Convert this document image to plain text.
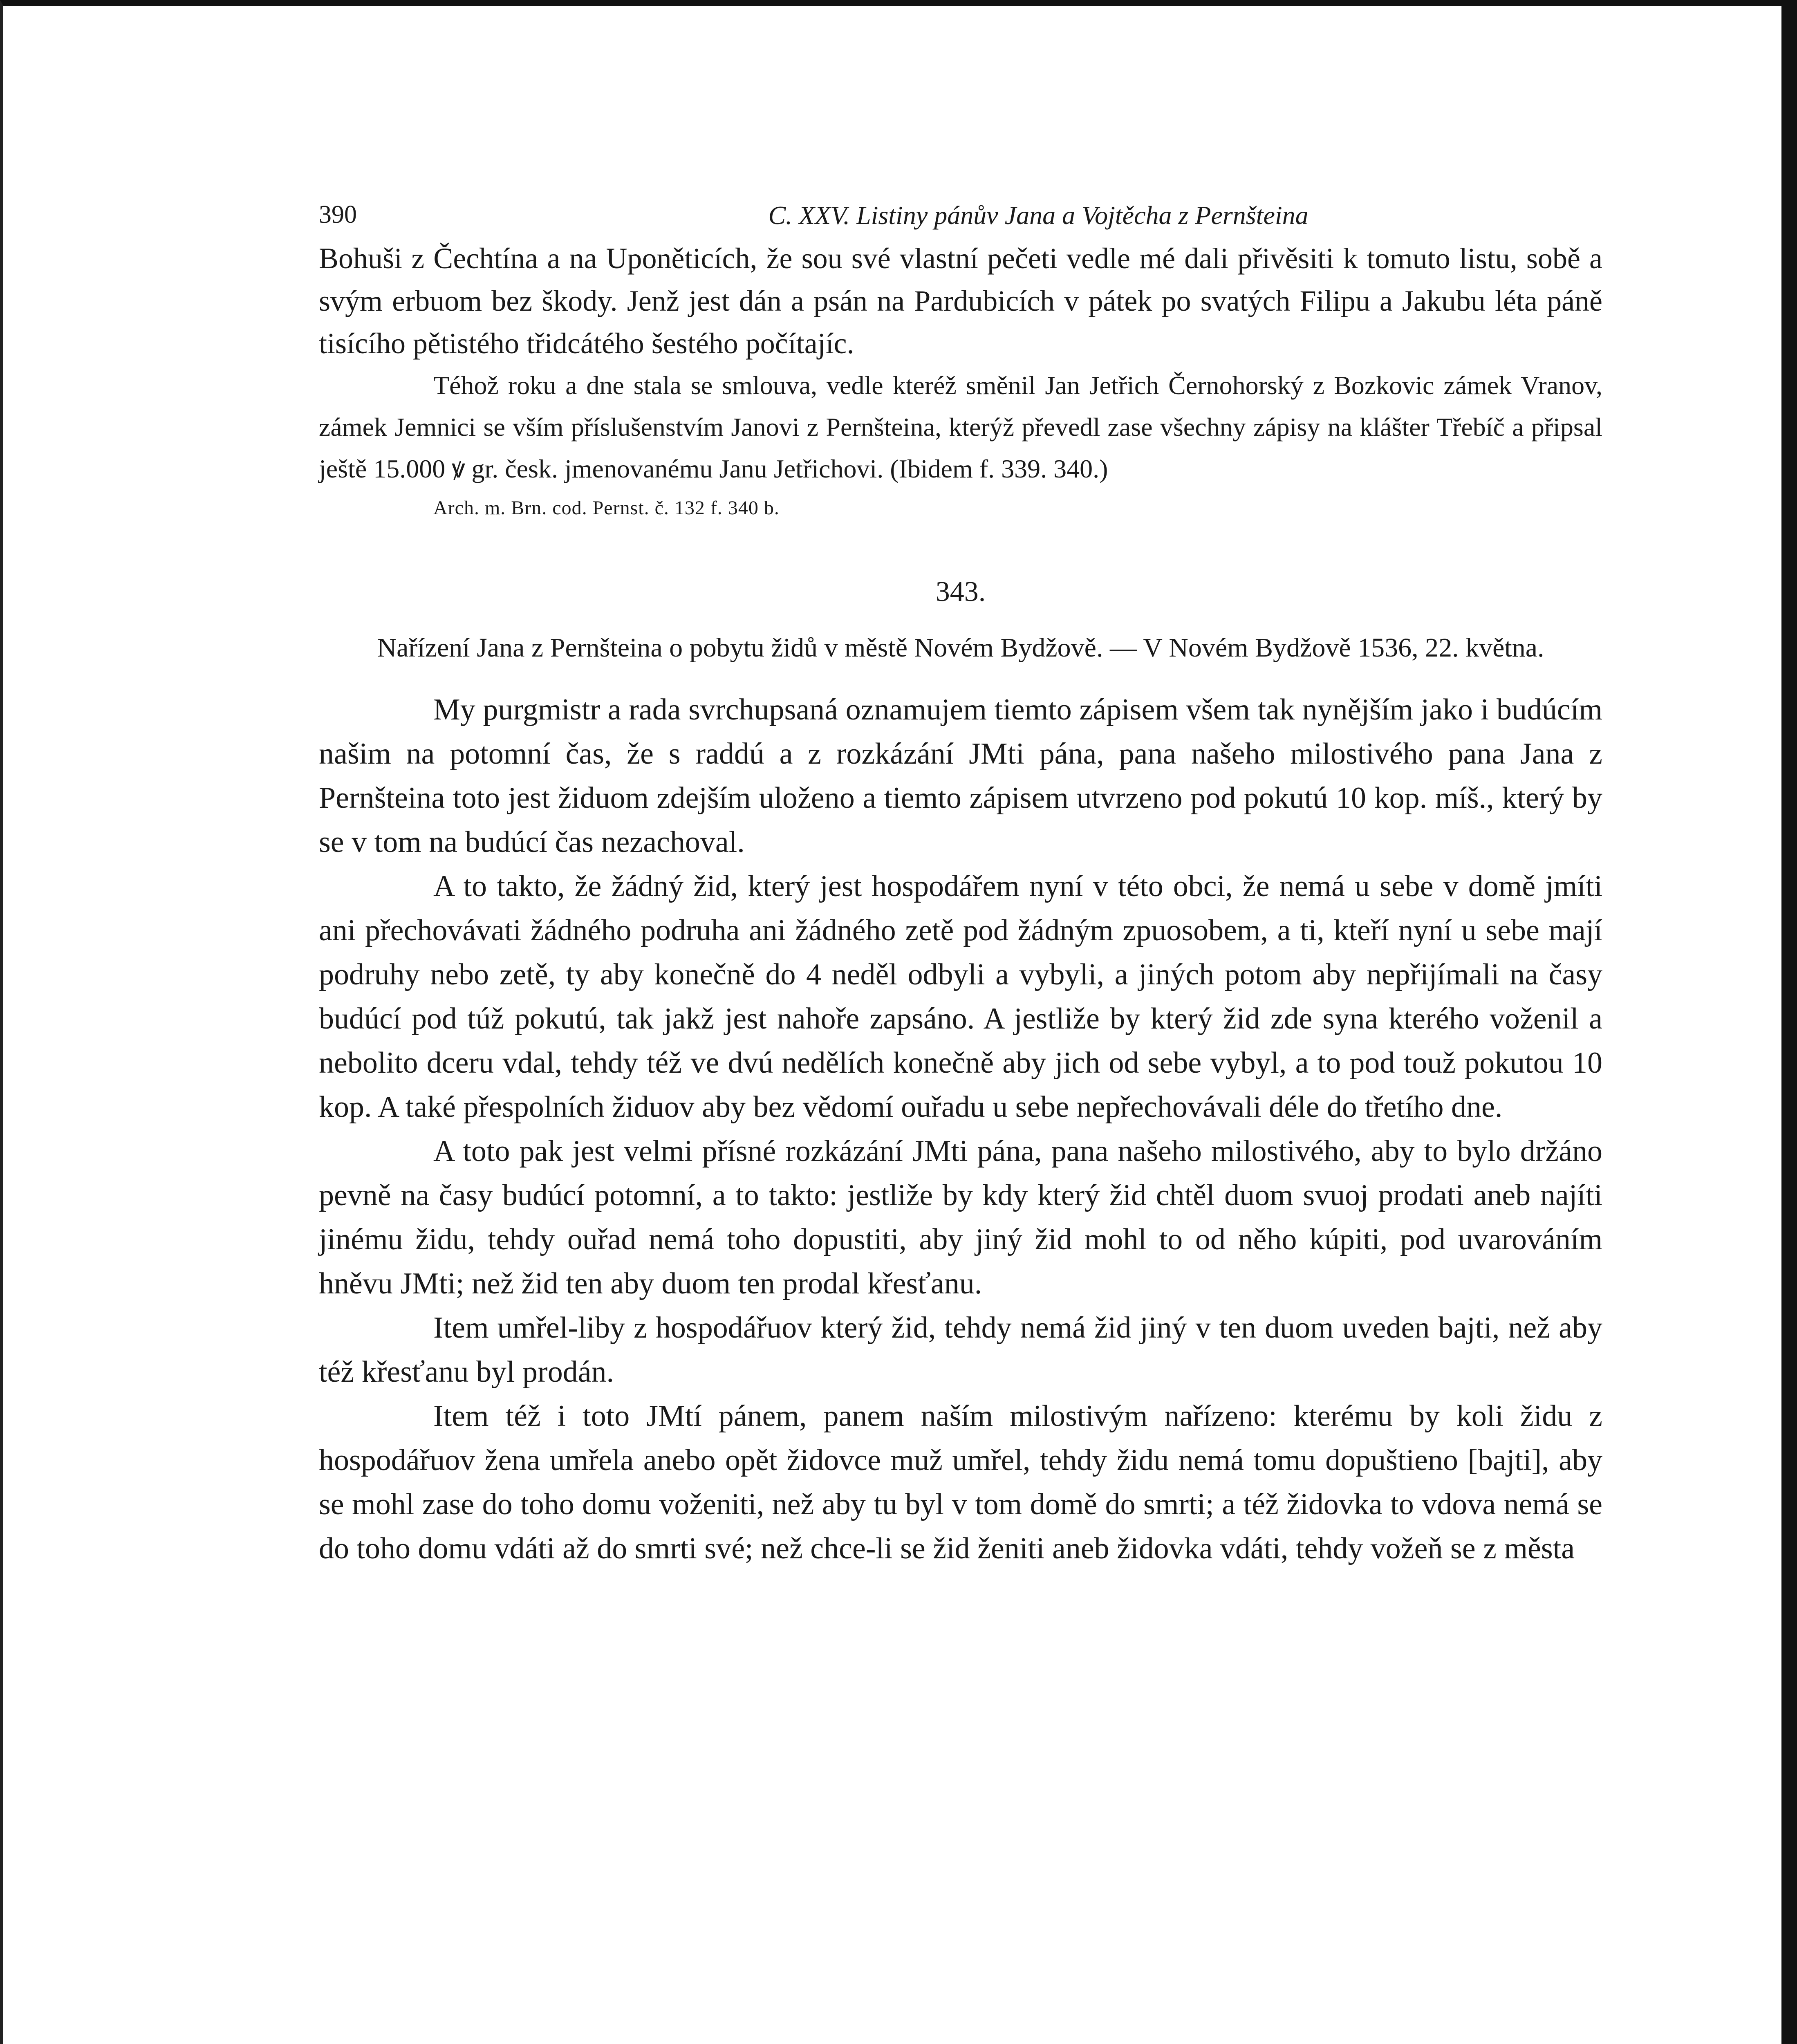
390	C. XXV. Listiny pánův Jana a Vojtěcha z Pernšteina

Bohuši z Čechtína a na Uponěticích, že sou své vlastní pečeti vedle mé dali přivěsiti k tomuto listu, sobě a svým erbuom bez škody. Jenž jest dán a psán na Pardubicích v pátek po svatých Filipu a Jakubu léta páně tisícího pětistého třidcátého šestého počítajíc.

Téhož roku a dne stala se smlouva, vedle kteréž směnil Jan Jetřich Černohorský z Bozkovic zámek Vranov, zámek Jemnici se vším příslušenstvím Janovi z Pernšteina, kterýž převedl zase všechny zápisy na klášter Třebíč a připsal ještě 15.000 ꝟ gr. česk. jmenovanému Janu Jetřichovi. (Ibidem f. 339. 340.)

Arch. m. Brn. cod. Pernst. č. 132 f. 340 b.

343.

Nařízení Jana z Pernšteina o pobytu židů v městě Novém Bydžově. — V Novém Bydžově 1536, 22. května.

My purgmistr a rada svrchupsaná oznamujem tiemto zápisem všem tak nynějším jako i budúcím našim na potomní čas, že s raddú a z rozkázání JMti pána, pana našeho milostivého pana Jana z Pernšteina toto jest židuom zdejším uloženo a tiemto zápisem utvrzeno pod pokutú 10 kop. míš., který by se v tom na budúcí čas nezachoval.

A to takto, že žádný žid, který jest hospodářem nyní v této obci, že nemá u sebe v domě jmíti ani přechovávati žádného podruha ani žádného zetě pod žádným zpuosobem, a ti, kteří nyní u sebe mají podruhy nebo zetě, ty aby konečně do 4 neděl odbyli a vybyli, a jiných potom aby nepřijímali na časy budúcí pod túž pokutú, tak jakž jest nahoře zapsáno. A jestliže by který žid zde syna kterého voženil a nebolito dceru vdal, tehdy též ve dvú nedělích konečně aby jich od sebe vybyl, a to pod touž pokutou 10 kop. A také přespolních židuov aby bez vědomí ouřadu u sebe nepřechovávali déle do třetího dne.

A toto pak jest velmi přísné rozkázání JMti pána, pana našeho milostivého, aby to bylo držáno pevně na časy budúcí potomní, a to takto: jestliže by kdy který žid chtěl duom svuoj prodati aneb najíti jinému židu, tehdy ouřad nemá toho dopustiti, aby jiný žid mohl to od něho kúpiti, pod uvarováním hněvu JMti; než žid ten aby duom ten prodal křesťanu.

Item umřel-liby z hospodářuov který žid, tehdy nemá žid jiný v ten duom uveden bajti, než aby též křesťanu byl prodán.

Item též i toto JMtí pánem, panem naším milostivým nařízeno: kterému by koli židu z hospodářuov žena umřela anebo opět židovce muž umřel, tehdy židu nemá tomu dopuštieno [bajti], aby se mohl zase do toho domu voženiti, než aby tu byl v tom domě do smrti; a též židovka to vdova nemá se do toho domu vdáti až do smrti své; než chce-li se žid ženiti aneb židovka vdáti, tehdy vožeň se z města
